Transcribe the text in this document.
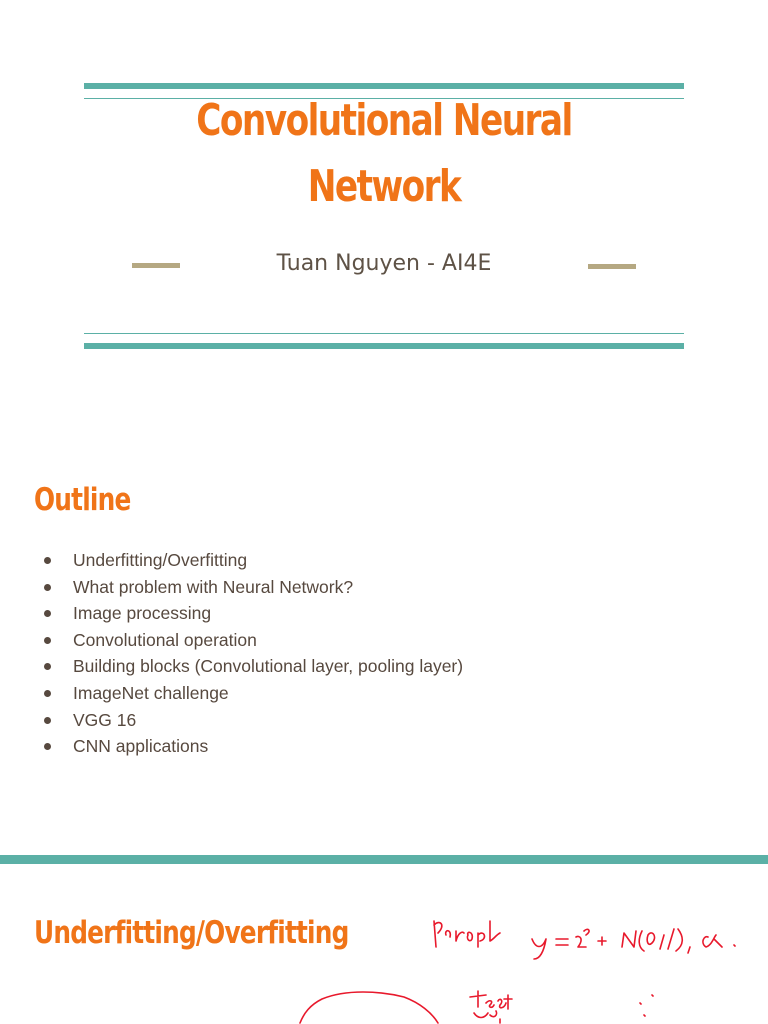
Convolutional Neural
Network
Tuan Nguyen - AI4E
Outline
Underfitting/Overfitting
What problem with Neural Network?
Image processing
Convolutional operation
Building blocks (Convolutional layer, pooling layer)
ImageNet challenge
VGG 16
CNN applications
Underfitting/Overfitting
